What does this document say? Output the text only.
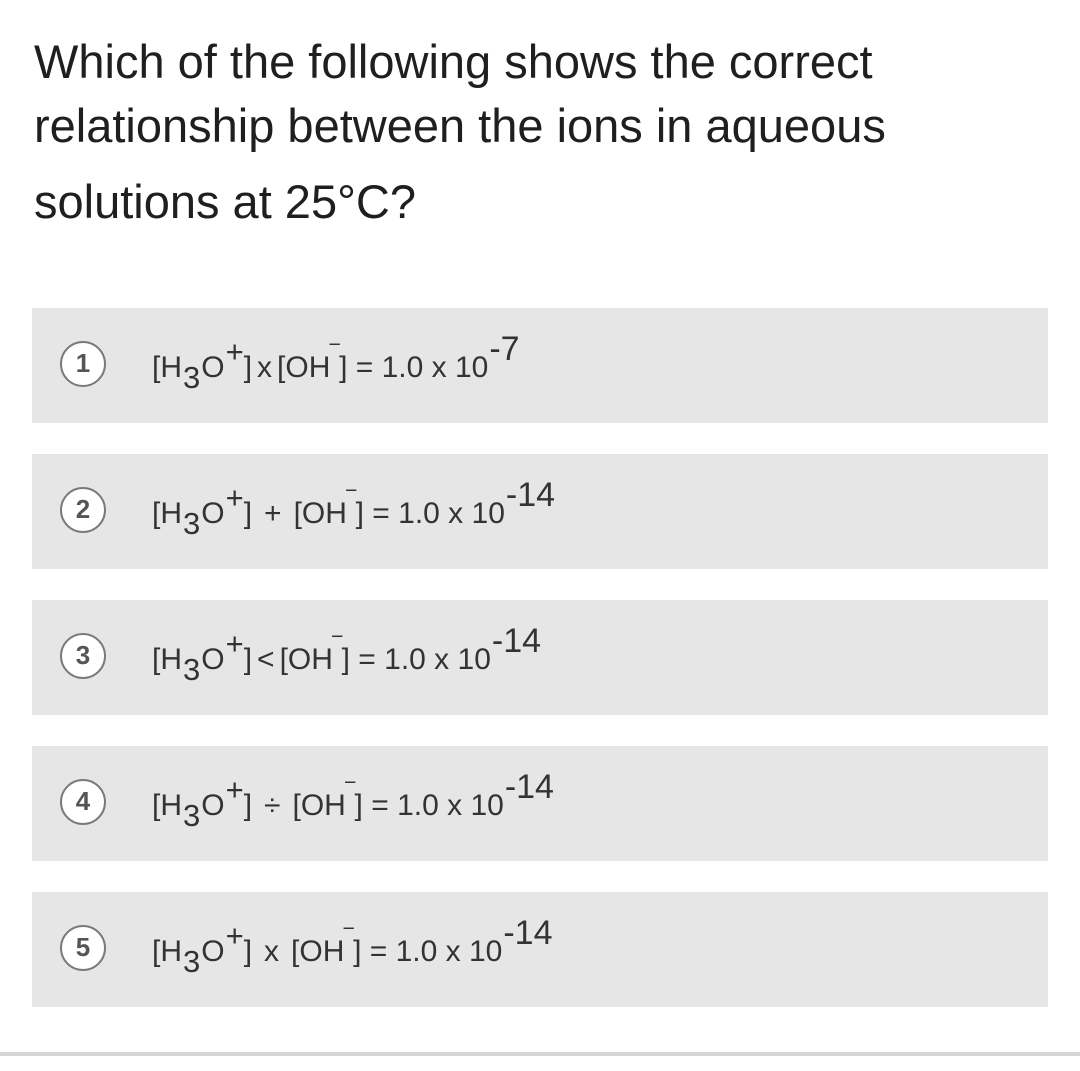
Which of the following shows the correct
relationship between the ions in aqueous
solutions at 25°C?
1	[H3O+] x [OH‾] = 1.0 x 10-7
2	[H3O+] + [OH‾] = 1.0 x 10-14
3	[H3O+] < [OH‾] = 1.0 x 10-14
4	[H3O+] ÷ [OH‾] = 1.0 x 10-14
5	[H3O+] x [OH‾] = 1.0 x 10-14
